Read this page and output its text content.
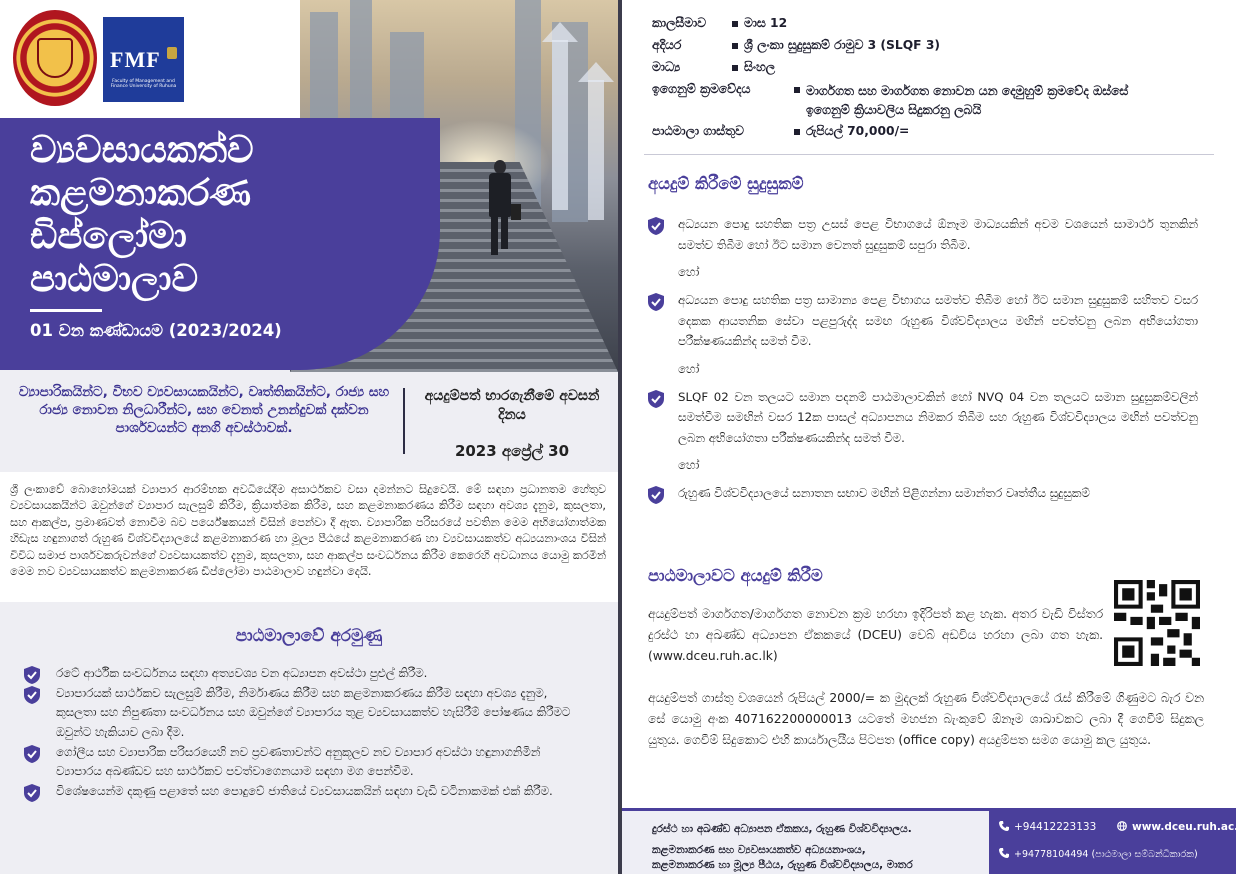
FMF
Faculty of Management and Finance University of Ruhuna
ව්‍යවසායකත්ව
කළමනාකරණ
ඩිප්ලෝමා
පාඨමාලාව
01 වන කණ්ඩායම (2023/2024)
ව්‍යාපාරිකයින්ට, විභව ව්‍යවසායකයින්ට, වෘත්තිකයින්ට, රාජ්‍ය සහ රාජ්‍ය නොවන නිලධාරීන්ට, සහ වෙනත් උනන්දුවක් දක්වන පාර්ශවයන්ට අනගි අවස්ථාවක්.
අයදුම්පත් භාරගැනීමේ අවසන් දිනය
2023 අප්‍රේල් 30

ශ්‍රී ලංකාවේ බොහෝමයක් ව්‍යාපාර ආරම්භක අවධියේදීම අසාර්ථකව වසා දමන්නට සිදුවෙයි. මේ සඳහා ප්‍රධානතම හේතුව ව්‍යවසායකයින්ට ඔවුන්ගේ ව්‍යාපාර සැලසුම් කිරීම, ක්‍රියාත්මක කිරීම, සහ කළමනාකරණය කිරීම සඳහා අවශ්‍ය දැනුම, කුසලතා, සහ ආකල්ප, ප්‍රමාණවත් නොවීම බව පර්යේෂකයන් විසින් පෙන්වා දී ඇත. ව්‍යාපාරික පරිසරයේ පවතින මෙම අභියෝගාත්මක හිඩැස හඳුනාගත් රුහුණ විශ්වවිද්‍යාලයේ කළමනාකරණ හා මූල්‍ය පීඨයේ කළමනාකරණ හා ව්‍යවසායකත්ව අධ්‍යයනාංශය විසින් විවිධ සමාජ පාර්ශවකරුවන්ගේ ව්‍යවසායකත්ව දැනුම, කුසලතා, සහ ආකල්ප සංවර්ධනය කිරීම කෙරෙහි අවධානය යොමු කරමින් මෙම නව ව්‍යවසායකත්ව කළමනාකරණ ඩිප්ලෝමා පාඨමාලාව හඳුන්වා දෙයි.

පාඨමාලාවේ අරමුණු
රටේ ආර්ථික සංවර්ධනය සඳහා අත්‍යවශ්‍ය වන අධ්‍යාපන අවස්ථා පුළුල් කිරීම.
ව්‍යාපාරයක් සාර්ථකව සැලසුම් කිරීම, නිර්මාණය කිරීම සහ කළමනාකරණය කිරීම සඳහා අවශ්‍ය දැනුම, කුසලතා සහ නිපුණතා සංවර්ධනය සහ ඔවුන්ගේ ව්‍යාපාරය තුළ ව්‍යවසායකත්ව හැසිරීම් පෝෂණය කිරීමට ඔවුන්ට හැකියාව ලබා දීම.
ගෝලීය සහ ව්‍යාපාරික පරිසරයෙහි නව ප්‍රවණතාවන්ට අනුකූලව නව ව්‍යාපාර අවස්ථා හඳුනාගනිමින් ව්‍යාපාරය අඛණ්ඩව සහ සාර්ථකව පවත්වාගෙනයාම සඳහා මග පෙන්වීම.
විශේෂයෙන්ම දකුණු පළාතේ සහ පොදුවේ ජාතියේ ව්‍යවසායකයින් සඳහා වැඩි වටිනාකමක් එක් කිරීම.
කාලසීමාව	මාස 12
අදියර	ශ්‍රී ලංකා සුදුසුකම් රාමුව 3 (SLQF 3)
මාධ්‍ය	සිංහල
ඉගෙනුම් ක්‍රමවේදය	මාර්ගගත සහ මාර්ගගත නොවන යන දෙමුහුම් ක්‍රමවේද ඔස්සේ ඉගෙනුම් ක්‍රියාවලිය සිදුකරනු ලබයි
පාඨමාලා ගාස්තුව	රුපියල් 70,000/=
අයදුම් කිරීමේ සුදුසුකම්
අධ්‍යයන පොදු සහතික පත්‍ර උසස් පෙළ විභාගයේ ඕනෑම මාධ්‍යයකින් අවම වශයෙන් සාමාර්ථ තුනකින් සමත්ව තිබීම හෝ ඊට සමාන වෙනත් සුදුසුකම් සපුරා තිබීම.
හෝ
අධ්‍යයන පොදු සහතික පත්‍ර සාමාන්‍ය පෙළ විභාගය සමත්ව තිබීම හෝ ඊට සමාන සුදුසුකම් සහිතව වසර දෙකක ආයතනික සේවා පළපුරුද්ද සමඟ රුහුණ විශ්වවිද්‍යාලය මඟින් පවත්වනු ලබන අභියෝගතා පරීක්ෂණයකින්ද සමත් වීම.
හෝ
SLQF 02 වන තලයට සමාන පදනම් පාඨමාලාවකින් හෝ NVQ 04 වන තලයට සමාන සුදුසුකම්වලින් සමත්වීම සමඟින් වසර 12ක පාසල් අධ්‍යාපනය නිමකර තිබීම සහ රුහුණ විශ්වවිද්‍යාලය මඟින් පවත්වනු ලබන අභියෝගතා පරීක්ෂණයකින්ද සමත් වීම.
හෝ
රුහුණ විශ්වවිද්‍යාලයේ සනාතන සභාව මඟින් පිළිගන්නා සමාන්තර වෘත්තීය සුදුසුකම්
පාඨමාලාවට අයදුම් කිරීම
අයදුම්පත් මාර්ගගත/මාර්ගගත නොවන ක්‍රම හරහා ඉදිරිපත් කළ හැක. අතර වැඩි විස්තර දුරස්ථ හා අඛණ්ඩ අධ්‍යාපන ඒකකයේ (DCEU) වෙබ් අඩවිය හරහා ලබා ගත හැක. (www.dceu.ruh.ac.lk)
අයදුම්පත් ගාස්තු වශයෙන් රුපියල් 2000/= ක මුදලක් රුහුණ විශ්වවිද්‍යාලයේ රැස් කිරීමේ ගිණුමට බැර වන සේ යොමු අංක 407162200000013 යටතේ මහජන බැංකුවේ ඕනෑම ශාඛාවකට ලබා දී ගෙවීම් සිදුකල යුතුය. ගෙවීම් සිදුකොට එහි කාර්යාලයීය පිටපත (office copy) අයදුම්පත සමග යොමු කල යුතුය.
දුරස්ථ හා අඛණ්ඩ අධ්‍යාපන ඒකකය, රුහුණ විශ්වවිද්‍යාලය.
කළමනාකරණ සහ ව්‍යවසායකත්ව අධ්‍යයනාංශය,
කළමනාකරණ හා මූල්‍ය පීඨය, රුහුණ විශ්වවිද්‍යාලය, මාතර
+94412223133	www.dceu.ruh.ac.lk
+94778104494 (පාඨමාලා සම්බන්ධීකාරක)
